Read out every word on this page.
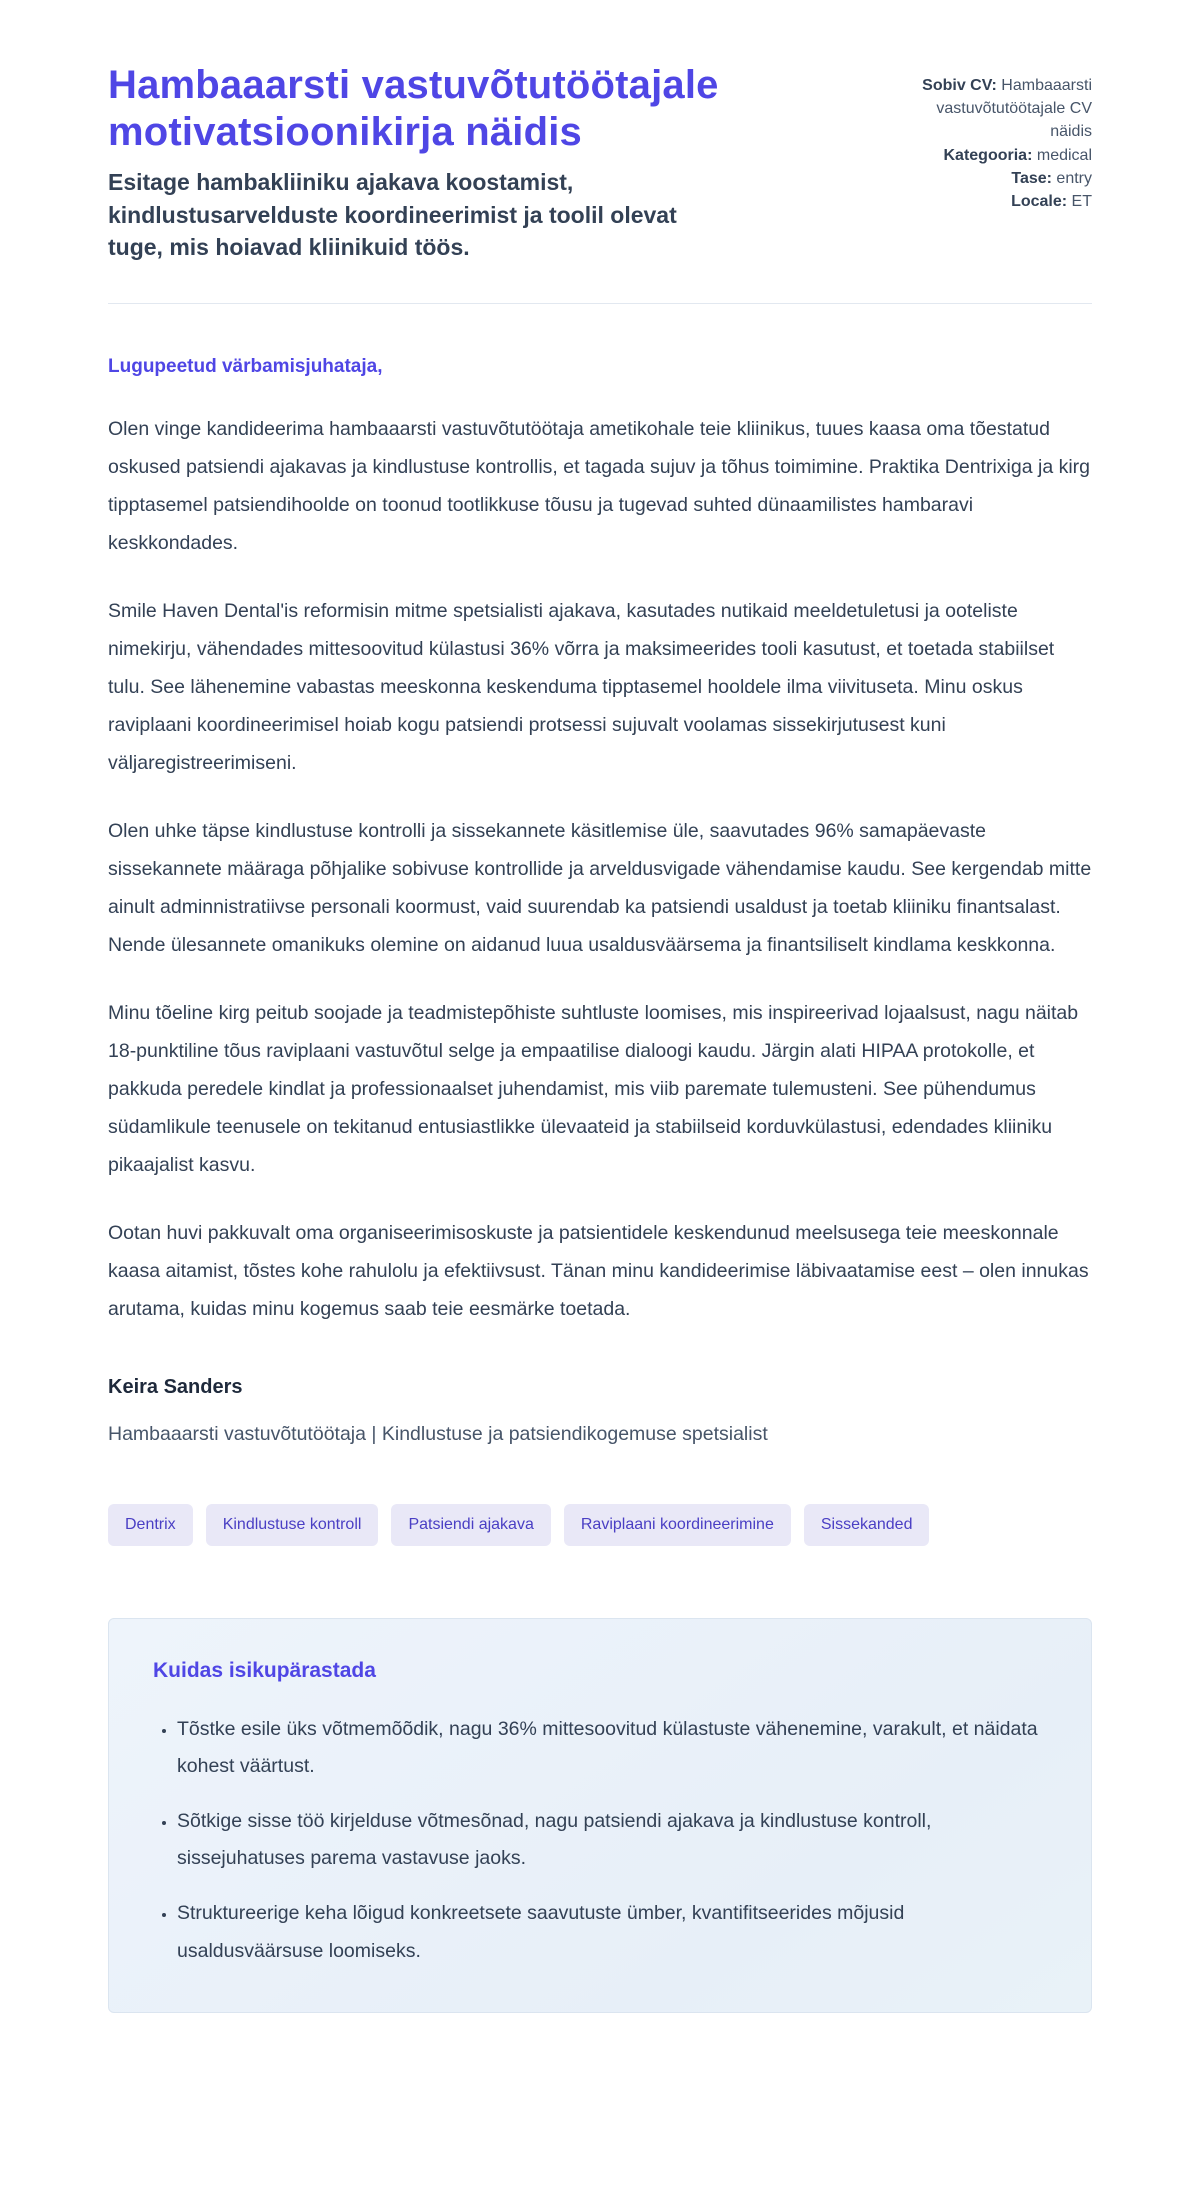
Hambaaarsti vastuvõtutöötajale motivatsioonikirja näidis
Esitage hambakliiniku ajakava koostamist, kindlustusarvelduste koordineerimist ja toolil olevat tuge, mis hoiavad kliinikuid töös.
Sobiv CV: Hambaaarsti vastuvõtutöötajale CV näidis
Kategooria: medical
Tase: entry
Locale: ET
Lugupeetud värbamisjuhataja,

Olen vinge kandideerima hambaaarsti vastuvõtutöötaja ametikohale teie kliinikus, tuues kaasa oma tõestatud oskused patsiendi ajakavas ja kindlustuse kontrollis, et tagada sujuv ja tõhus toimimine. Praktika Dentrixiga ja kirg tipptasemel patsiendihoolde on toonud tootlikkuse tõusu ja tugevad suhted dünaamilistes hambaravi keskkondades.

Smile Haven Dental'is reformisin mitme spetsialisti ajakava, kasutades nutikaid meeldetuletusi ja ooteliste nimekirju, vähendades mittesoovitud külastusi 36% võrra ja maksimeerides tooli kasutust, et toetada stabiilset tulu. See lähenemine vabastas meeskonna keskenduma tipptasemel hooldele ilma viivituseta. Minu oskus raviplaani koordineerimisel hoiab kogu patsiendi protsessi sujuvalt voolamas sissekirjutusest kuni väljaregistreerimiseni.

Olen uhke täpse kindlustuse kontrolli ja sissekannete käsitlemise üle, saavutades 96% samapäevaste sissekannete määraga põhjalike sobivuse kontrollide ja arveldusvigade vähendamise kaudu. See kergendab mitte ainult adminnistratiivse personali koormust, vaid suurendab ka patsiendi usaldust ja toetab kliiniku finantsalast. Nende ülesannete omanikuks olemine on aidanud luua usaldusväärsema ja finantsiliselt kindlama keskkonna.

Minu tõeline kirg peitub soojade ja teadmistepõhiste suhtluste loomises, mis inspireerivad lojaalsust, nagu näitab 18-punktiline tõus raviplaani vastuvõtul selge ja empaatilise dialoogi kaudu. Järgin alati HIPAA protokolle, et pakkuda peredele kindlat ja professionaalset juhendamist, mis viib paremate tulemusteni. See pühendumus südamlikule teenusele on tekitanud entusiastlikke ülevaateid ja stabiilseid korduvkülastusi, edendades kliiniku pikaajalist kasvu.

Ootan huvi pakkuvalt oma organiseerimisoskuste ja patsientidele keskendunud meelsusega teie meeskonnale kaasa aitamist, tõstes kohe rahulolu ja efektiivsust. Tänan minu kandideerimise läbivaatamise eest – olen innukas arutama, kuidas minu kogemus saab teie eesmärke toetada.

Keira Sanders
Hambaaarsti vastuvõtutöötaja | Kindlustuse ja patsiendikogemuse spetsialist
Dentrix	Kindlustuse kontroll	Patsiendi ajakava	Raviplaani koordineerimine	Sissekanded
Kuidas isikupärastada
• Tõstke esile üks võtmemõõdik, nagu 36% mittesoovitud külastuste vähenemine, varakult, et näidata kohest väärtust.
• Sõtkige sisse töö kirjelduse võtmesõnad, nagu patsiendi ajakava ja kindlustuse kontroll, sissejuhatuses parema vastavuse jaoks.
• Struktureerige keha lõigud konkreetsete saavutuste ümber, kvantifitseerides mõjusid usaldusväärsuse loomiseks.
